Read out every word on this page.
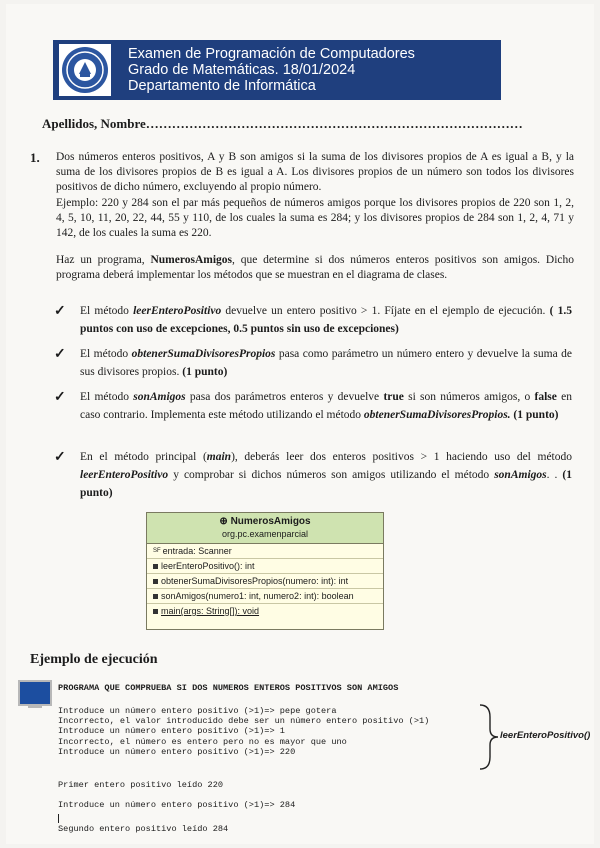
Examen de Programación de Computadores
Grado de Matemáticas. 18/01/2024
Departamento de Informática
Apellidos, Nombre……………………………………………………………………………
1. Dos números enteros positivos, A y B son amigos si la suma de los divisores propios de A es igual a B, y la suma de los divisores propios de B es igual a A. Los divisores propios de un número son todos los divisores positivos de dicho número, excluyendo al propio número.
Ejemplo: 220 y 284 son el par más pequeños de números amigos porque los divisores propios de 220 son 1, 2, 4, 5, 10, 11, 20, 22, 44, 55 y 110, de los cuales la suma es 284; y los divisores propios de 284 son 1, 2, 4, 71 y 142, de los cuales la suma es 220.
Haz un programa, NumerosAmigos, que determine si dos números enteros positivos son amigos. Dicho programa deberá implementar los métodos que se muestran en el diagrama de clases.
✓ El método leerEnteroPositivo devuelve un entero positivo > 1. Fíjate en el ejemplo de ejecución. ( 1.5 puntos con uso de excepciones, 0.5 puntos sin uso de excepciones)
✓ El método obtenerSumaDivisoresPropios pasa como parámetro un número entero y devuelve la suma de sus divisores propios. (1 punto)
✓ El método sonAmigos pasa dos parámetros enteros y devuelve true si son números amigos, o false en caso contrario. Implementa este método utilizando el método obtenerSumaDivisoresPropios. (1 punto)
✓ En el método principal (main), deberás leer dos enteros positivos > 1 haciendo uso del método leerEnteroPositivo y comprobar si dichos números son amigos utilizando el método sonAmigos. . (1 punto)
⊕ NumerosAmigos
org.pc.examenparcial
$^{SF}$ entrada: Scanner
leerEnteroPositivo(): int
obtenerSumaDivisoresPropios(numero: int): int
sonAmigos(numero1: int, numero2: int): boolean
main(args: String[]): void
Ejemplo de ejecución
PROGRAMA QUE COMPRUEBA SI DOS NUMEROS ENTEROS POSITIVOS SON AMIGOS
Introduce un número entero positivo (>1)=> pepe gotera
Incorrecto, el valor introducido debe ser un número entero positivo (>1)
Introduce un número entero positivo (>1)=> 1
Incorrecto, el número es entero pero no es mayor que uno
Introduce un número entero positivo (>1)=> 220
Primer entero positivo leído 220
Introduce un número entero positivo (>1)=> 284
Segundo entero positivo leído 284
leerEnteroPositivo()
